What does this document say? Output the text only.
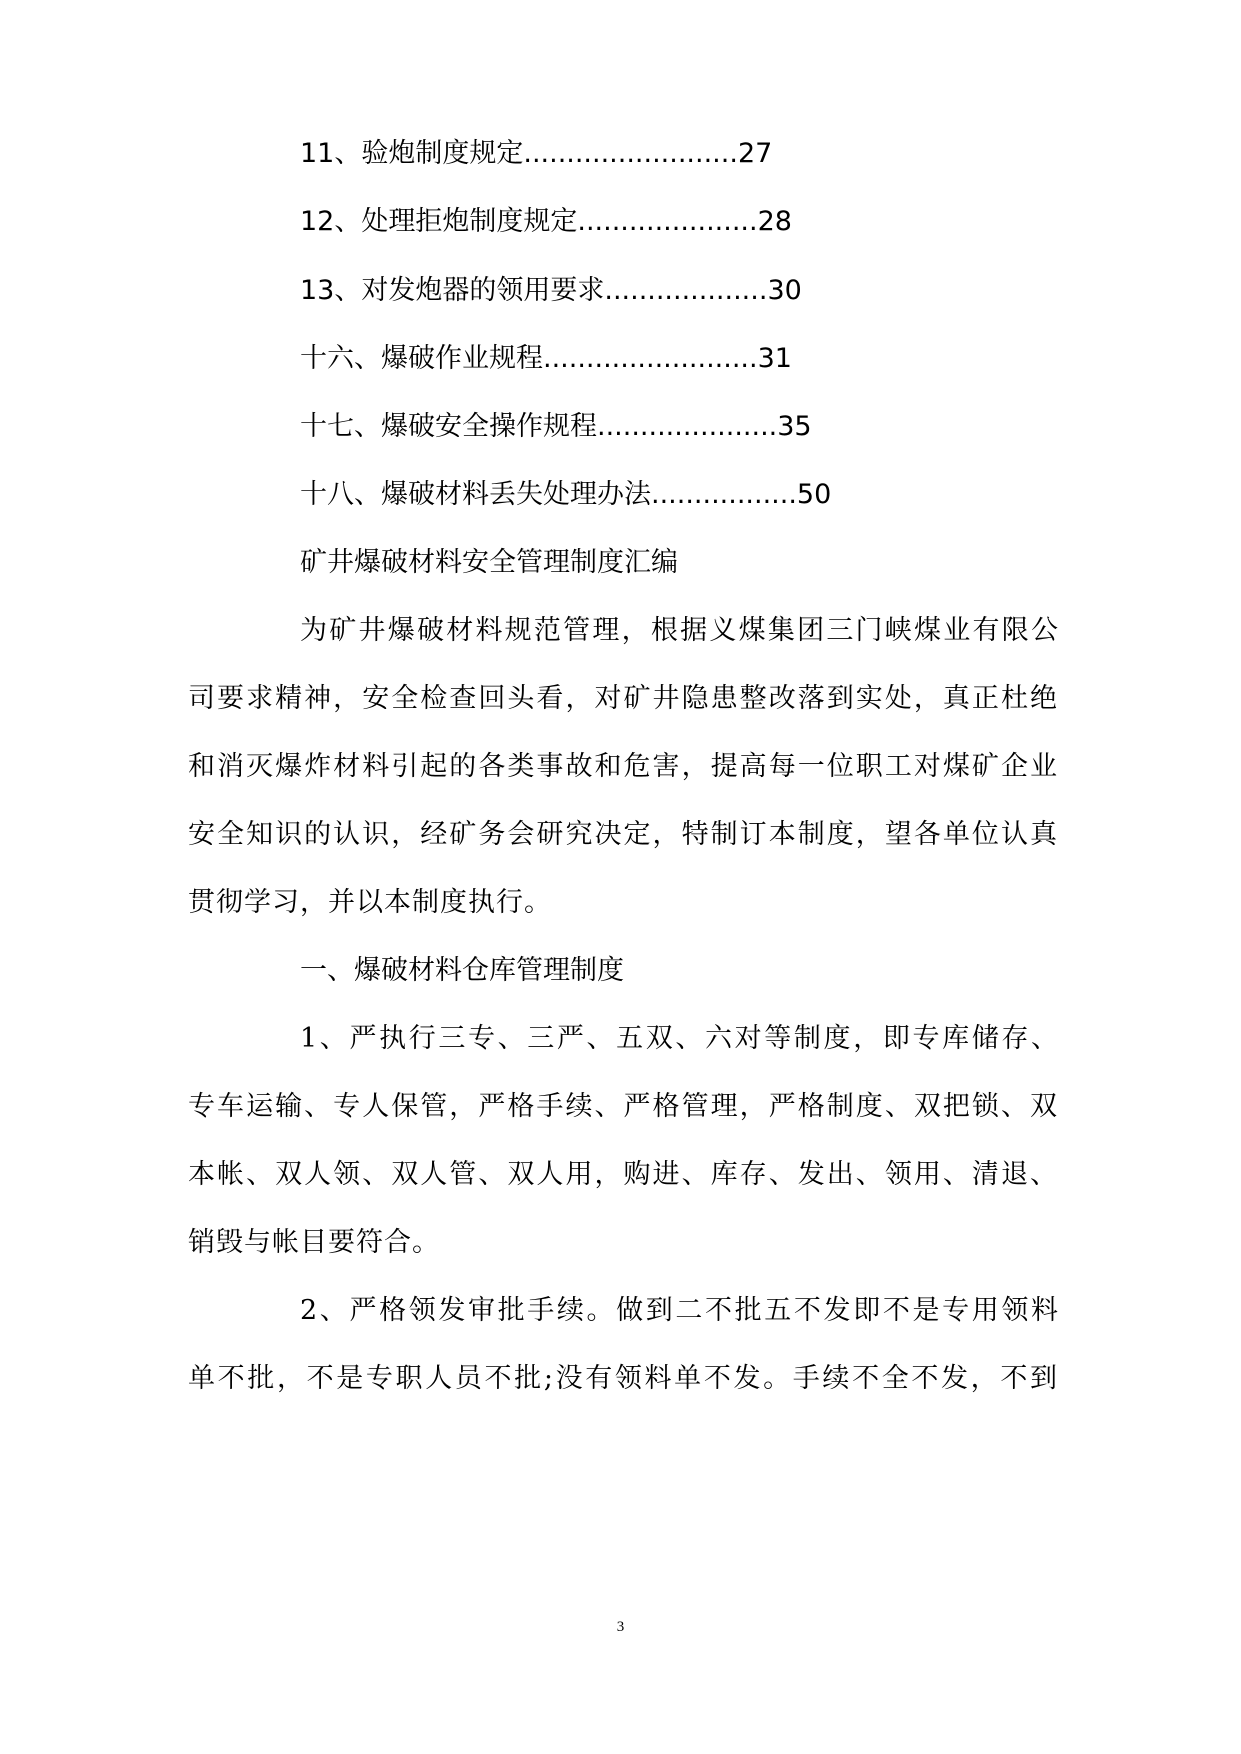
11、验炮制度规定.........................27
12、处理拒炮制度规定.....................28
13、对发炮器的领用要求...................30
十六、爆破作业规程.........................31
十七、爆破安全操作规程.....................35
十八、爆破材料丢失处理办法.................50
矿井爆破材料安全管理制度汇编
为矿井爆破材料规范管理，根据义煤集团三门峡煤业有限公
司要求精神，安全检查回头看，对矿井隐患整改落到实处，真正杜绝
和消灭爆炸材料引起的各类事故和危害，提高每一位职工对煤矿企业
安全知识的认识，经矿务会研究决定，特制订本制度，望各单位认真
贯彻学习，并以本制度执行。
一、爆破材料仓库管理制度
1、严执行三专、三严、五双、六对等制度，即专库储存、
专车运输、专人保管，严格手续、严格管理，严格制度、双把锁、双
本帐、双人领、双人管、双人用，购进、库存、发出、领用、清退、
销毁与帐目要符合。
2、严格领发审批手续。做到二不批五不发即不是专用领料
单不批，不是专职人员不批;没有领料单不发。手续不全不发，不到
3
